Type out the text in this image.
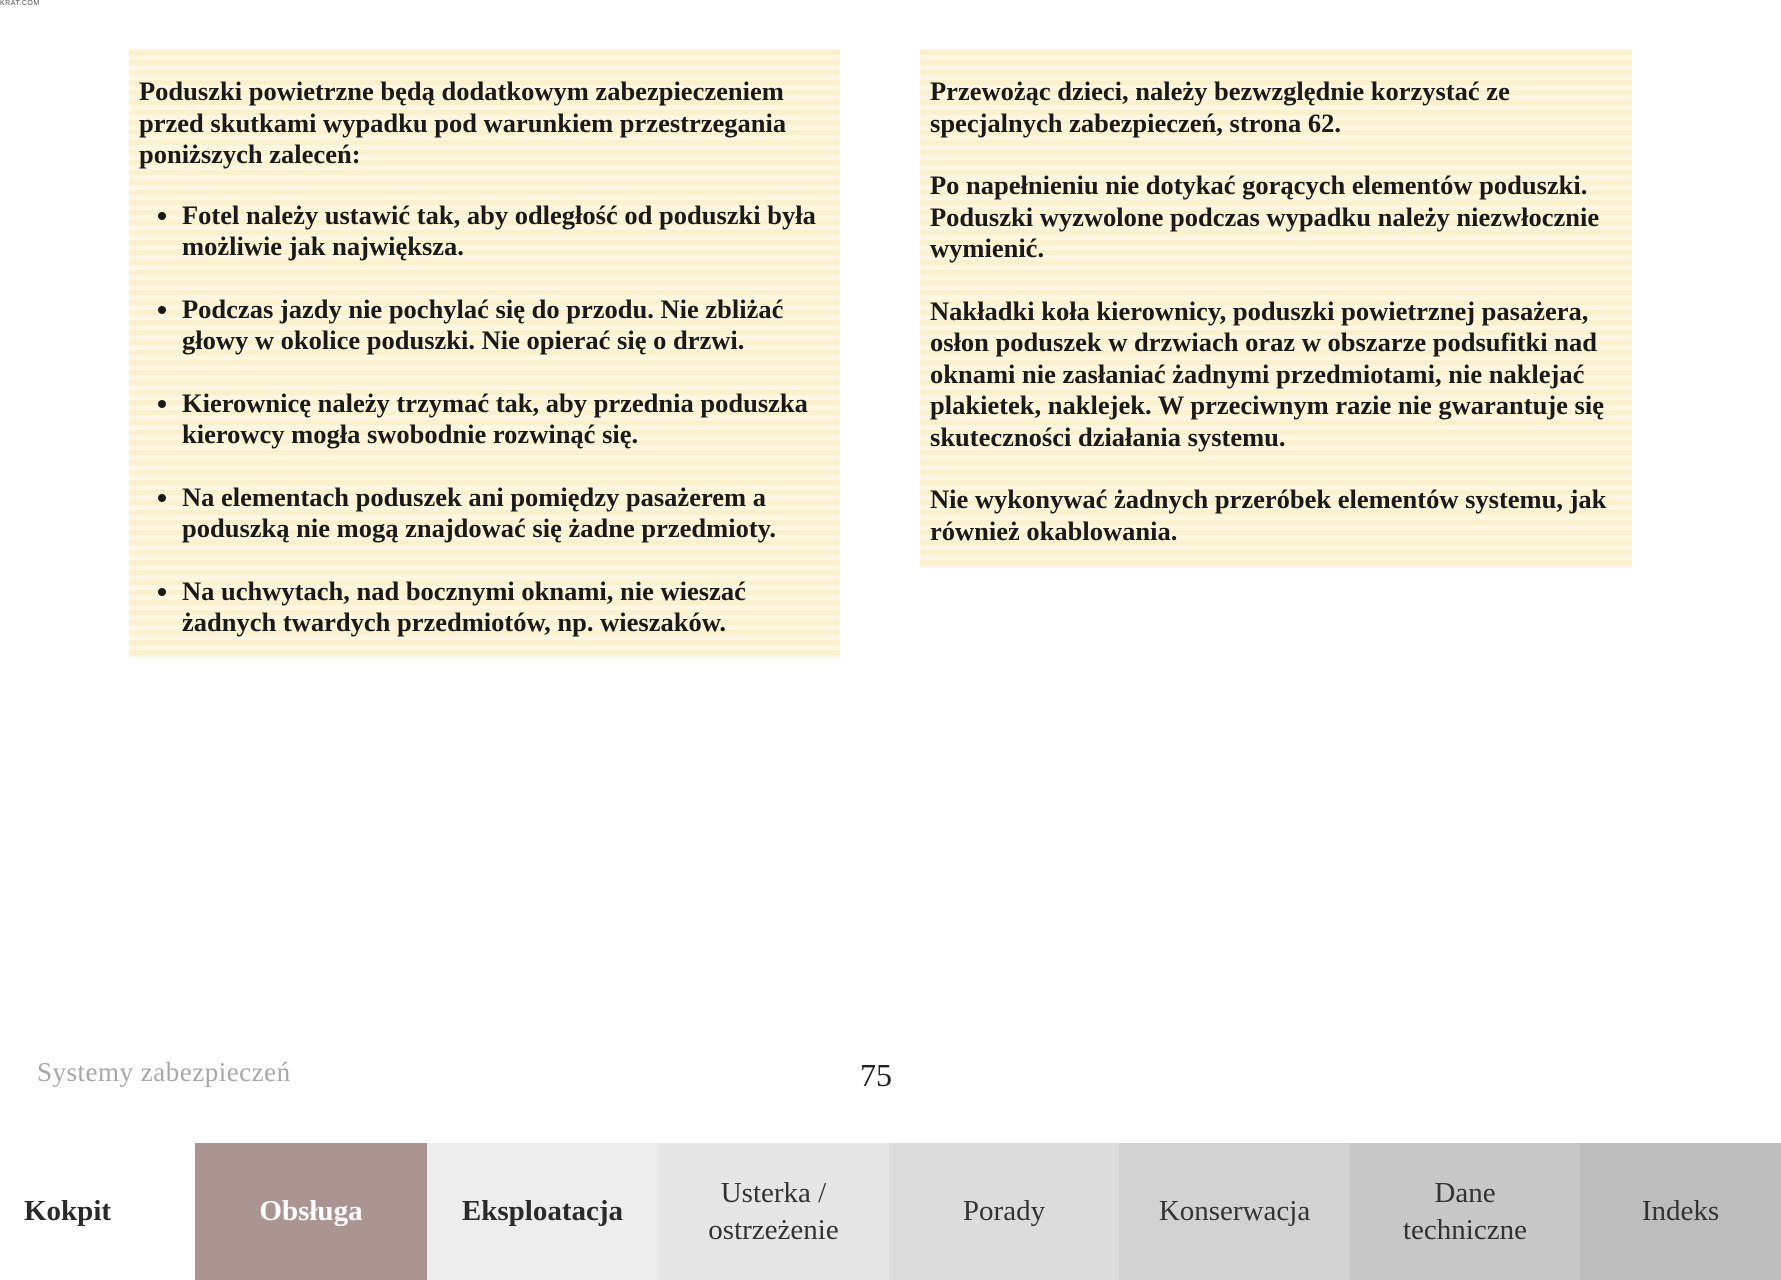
KRAT.COM

Poduszki powietrzne będą dodatkowym zabezpieczeniem przed skutkami wypadku pod warunkiem przestrzegania poniższych zaleceń:

Fotel należy ustawić tak, aby odległość od poduszki była możliwie jak największa.
Podczas jazdy nie pochylać się do przodu. Nie zbliżać głowy w okolice poduszki. Nie opierać się o drzwi.
Kierownicę należy trzymać tak, aby przednia poduszka kierowcy mogła swobodnie rozwinąć się.
Na elementach poduszek ani pomiędzy pasażerem a poduszką nie mogą znajdować się żadne przedmioty.
Na uchwytach, nad bocznymi oknami, nie wieszać żadnych twardych przedmiotów, np. wieszaków.

Przewożąc dzieci, należy bezwzględnie korzystać ze specjalnych zabezpieczeń, strona 62.

Po napełnieniu nie dotykać gorących elementów poduszki. Poduszki wyzwolone podczas wypadku należy niezwłocznie wymienić.

Nakładki koła kierownicy, poduszki powietrznej pasażera, osłon poduszek w drzwiach oraz w obszarze podsufitki nad oknami nie zasłaniać żadnymi przedmiotami, nie naklejać plakietek, naklejek. W przeciwnym razie nie gwarantuje się skuteczności działania systemu.

Nie wykonywać żadnych przeróbek elementów systemu, jak również okablowania.

Systemy zabezpieczeń	75
Kokpit	Obsługa	Eksploatacja
Usterka /
ostrzeżenie
Porady	Konserwacja
Dane
techniczne
Indeks
